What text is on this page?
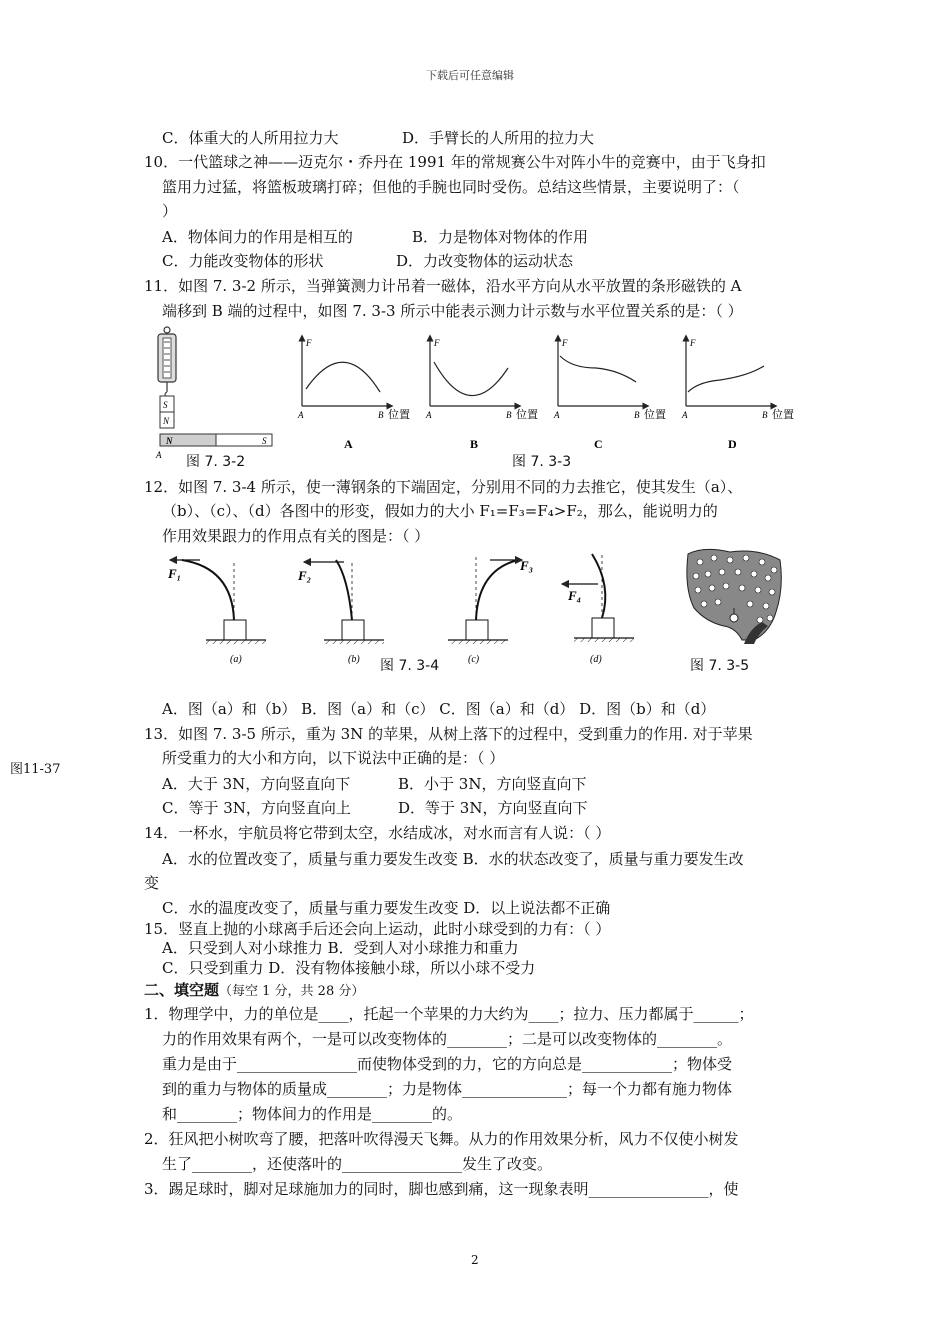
下载后可任意编辑
图11-37
C．体重大的人所用拉力大	D．手臂长的人所用的拉力大
10．一代篮球之神——迈克尔・乔丹在 1991 年的常规赛公牛对阵小牛的竞赛中，由于飞身扣
篮用力过猛，将篮板玻璃打碎；但他的手腕也同时受伤。总结这些情景，主要说明了：（
）
A．物体间力的作用是相互的	B．力是物体对物体的作用
C．力能改变物体的形状	D．力改变物体的运动状态
11．如图 7. 3-2 所示，当弹簧测力计吊着一磁体，沿水平方向从水平放置的条形磁铁的 A
端移到 B 端的过程中，如图 7. 3-3 所示中能表示测力计示数与水平位置关系的是：（ ）
S
N
N	S
A 图 7. 3-2
F
A	B 位置
A
F
A	B 位置
B
F
A	B 位置
C
F
A	B 位置
D
图 7. 3-3
12．如图 7. 3-4 所示，使一薄钢条的下端固定，分别用不同的力去推它，使其发生（a）、
（b）、（c）、（d）各图中的形变，假如力的大小 F₁=F₃=F₄>F₂，那么，能说明力的
作用效果跟力的作用点有关的图是：（ ）
F₁
(a)
F₂
(b)
F₃
(c)
F₄
(d)
图 7. 3-4	图 7. 3-5
A．图（a）和（b） B．图（a）和（c） C．图（a）和（d） D．图（b）和（d）
13．如图 7. 3-5 所示，重为 3N 的苹果，从树上落下的过程中，受到重力的作用. 对于苹果
所受重力的大小和方向，以下说法中正确的是：（ ）
A．大于 3N，方向竖直向下	B．小于 3N，方向竖直向下
C．等于 3N，方向竖直向上	D．等于 3N，方向竖直向下
14．一杯水，宇航员将它带到太空，水结成冰，对水而言有人说：（ ）
A．水的位置改变了，质量与重力要发生改变 B．水的状态改变了，质量与重力要发生改
变
C．水的温度改变了，质量与重力要发生改变 D．以上说法都不正确
15．竖直上抛的小球离手后还会向上运动，此时小球受到的力有：（ ）
A．只受到人对小球推力 B．受到人对小球推力和重力
C．只受到重力 D．没有物体接触小球，所以小球不受力
二、填空题（每空 1 分，共 28 分）
1．物理学中，力的单位是____，托起一个苹果的力大约为____；拉力、压力都属于______；
力的作用效果有两个，一是可以改变物体的________；二是可以改变物体的________。
重力是由于________________而使物体受到的力，它的方向总是____________；物体受
到的重力与物体的质量成________；力是物体______________；每一个力都有施力物体
和________；物体间力的作用是________的。
2．狂风把小树吹弯了腰，把落叶吹得漫天飞舞。从力的作用效果分析，风力不仅使小树发
生了________，还使落叶的________________发生了改变。
3．踢足球时，脚对足球施加力的同时，脚也感到痛，这一现象表明________________，使
2
